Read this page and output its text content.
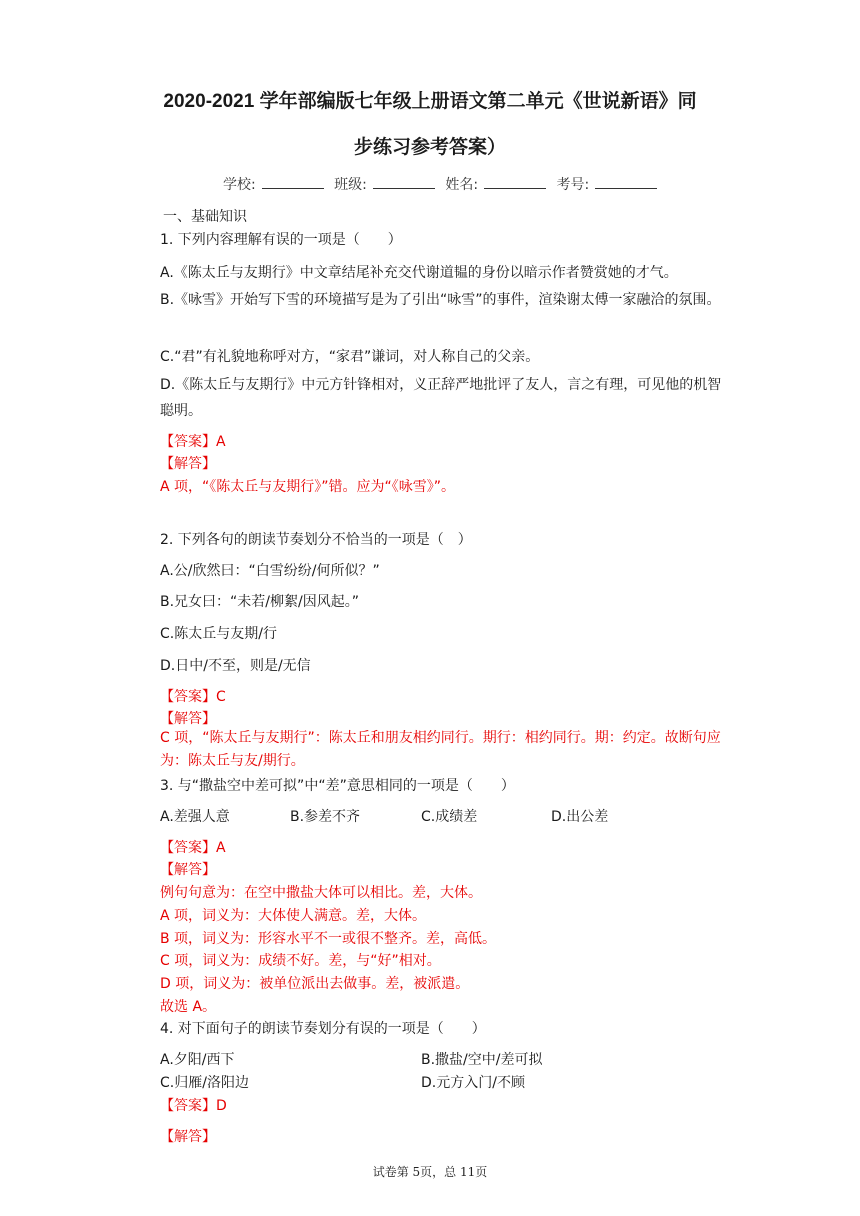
2020-2021 学年部编版七年级上册语文第二单元《世说新语》同
步练习参考答案）
学校:	班级:	姓名:	考号:
一、基础知识
1. 下列内容理解有误的一项是（　　）
A.《陈太丘与友期行》中文章结尾补充交代谢道韫的身份以暗示作者赞赏她的才气。
B.《咏雪》开始写下雪的环境描写是为了引出“咏雪”的事件，渲染谢太傅一家融洽的氛围。
C.“君”有礼貌地称呼对方，“家君”谦词，对人称自己的父亲。
D.《陈太丘与友期行》中元方针锋相对，义正辞严地批评了友人，言之有理，可见他的机智聪明。
【答案】A
【解答】
A 项，“《陈太丘与友期行》”错。应为“《咏雪》”。
2. 下列各句的朗读节奏划分不恰当的一项是（　）
A.公/欣然曰：“白雪纷纷/何所似？”
B.兄女曰：“未若/柳絮/因风起。”
C.陈太丘与友期/行
D.日中/不至，则是/无信
【答案】C
【解答】
C 项，“陈太丘与友期行”：陈太丘和朋友相约同行。期行：相约同行。期：约定。故断句应为：陈太丘与友/期行。
3. 与“撒盐空中差可拟”中“差”意思相同的一项是（　　）
A.差强人意	B.参差不齐	C.成绩差	D.出公差
【答案】A
【解答】
例句句意为：在空中撒盐大体可以相比。差，大体。
A 项，词义为：大体使人满意。差，大体。
B 项，词义为：形容水平不一或很不整齐。差，高低。
C 项，词义为：成绩不好。差，与“好”相对。
D 项，词义为：被单位派出去做事。差，被派遣。
故选 A。
4. 对下面句子的朗读节奏划分有误的一项是（　　）
A.夕阳/西下	B.撒盐/空中/差可拟
C.归雁/洛阳边	D.元方入门/不顾
【答案】D
【解答】
试卷第 5页，总 11页
